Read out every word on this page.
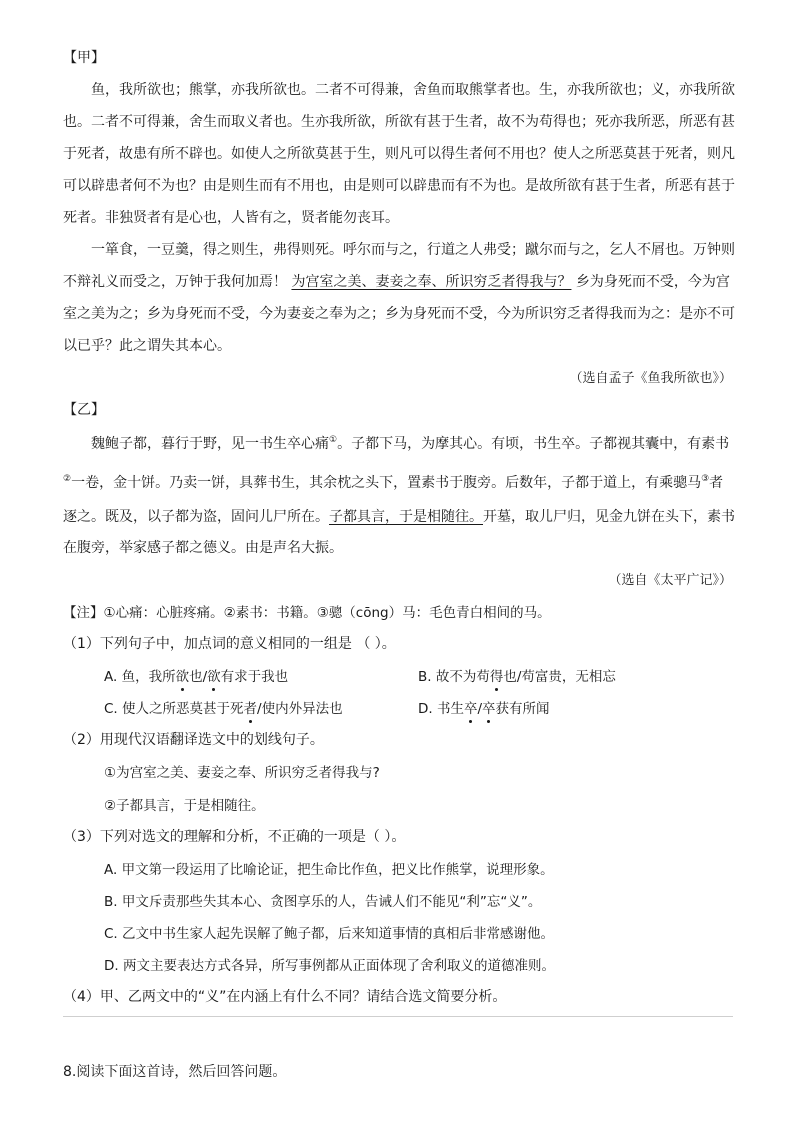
【甲】
鱼，我所欲也；熊掌，亦我所欲也。二者不可得兼，舍鱼而取熊掌者也。生，亦我所欲也；义，亦我所欲
也。二者不可得兼，舍生而取义者也。生亦我所欲，所欲有甚于生者，故不为苟得也；死亦我所恶，所恶有甚
于死者，故患有所不辟也。如使人之所欲莫甚于生，则凡可以得生者何不用也？使人之所恶莫甚于死者，则凡
可以辟患者何不为也？由是则生而有不用也，由是则可以辟患而有不为也。是故所欲有甚于生者，所恶有甚于
死者。非独贤者有是心也，人皆有之，贤者能勿丧耳。
一箪食，一豆羹，得之则生，弗得则死。呼尔而与之，行道之人弗受；蹴尔而与之，乞人不屑也。万钟则
不辩礼义而受之，万钟于我何加焉！ 为宫室之美、妻妾之奉、所识穷乏者得我与？ 乡为身死而不受，今为宫
室之美为之；乡为身死而不受，今为妻妾之奉为之；乡为身死而不受，今为所识穷乏者得我而为之：是亦不可
以已乎？此之谓失其本心。
（选自孟子《鱼我所欲也》）
【乙】
魏鲍子都，暮行于野，见一书生卒心痛①。子都下马，为摩其心。有顷，书生卒。子都视其囊中，有素书
②一卷，金十饼。乃卖一饼，具葬书生，其余枕之头下，置素书于腹旁。后数年，子都于道上，有乘骢马③者
逐之。既及，以子都为盗，固问儿尸所在。子都具言，于是相随往。开墓，取儿尸归，见金九饼在头下，素书
在腹旁，举家感子都之德义。由是声名大振。
（选自《太平广记》）
【注】①心痛：心脏疼痛。②素书：书籍。③骢（cōng）马：毛色青白相间的马。
（1）下列句子中，加点词的意义相同的一组是 （ ）。
A. 鱼，我所欲也/欲有求于我也	B. 故不为苟得也/苟富贵，无相忘
C. 使人之所恶莫甚于死者/使内外异法也	D. 书生卒/卒获有所闻
（2）用现代汉语翻译选文中的划线句子。
①为宫室之美、妻妾之奉、所识穷乏者得我与?
②子都具言，于是相随往。
（3）下列对选文的理解和分析，不正确的一项是（ ）。
A. 甲文第一段运用了比喻论证，把生命比作鱼，把义比作熊掌，说理形象。
B. 甲文斥责那些失其本心、贪图享乐的人，告诫人们不能见“利”忘“义”。
C. 乙文中书生家人起先误解了鲍子都，后来知道事情的真相后非常感谢他。
D. 两文主要表达方式各异，所写事例都从正面体现了舍利取义的道德准则。
（4）甲、乙两文中的“义”在内涵上有什么不同？请结合选文简要分析。
8.阅读下面这首诗，然后回答问题。
